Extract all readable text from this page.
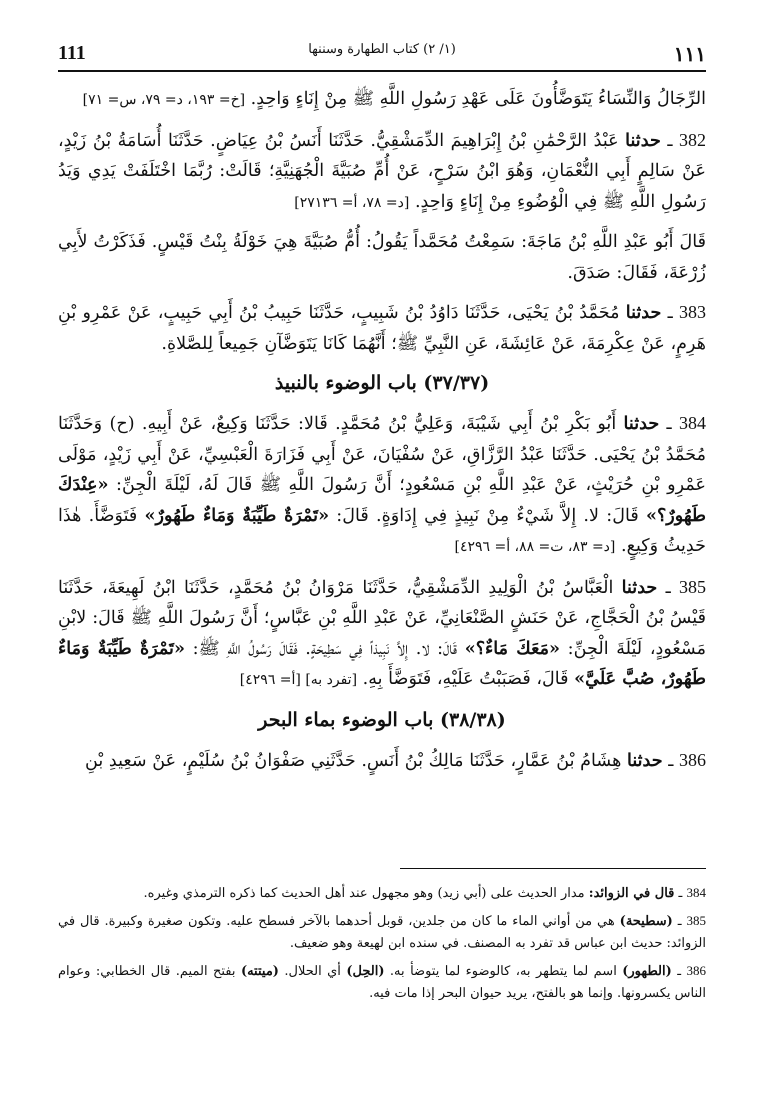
111	(١/ ٢) كتاب الطهارة وسننها	١١١

الرِّجَالُ وَالنِّسَاءُ يَتَوَضَّأُونَ عَلَى عَهْدِ رَسُولِ اللَّهِ ﷺ مِنْ إِنَاءٍ وَاحِدٍ. [خ= ١٩٣، د= ٧٩، س= ٧١]

382 ـ حدثنا عَبْدُ الرَّحْمَٰنِ بْنُ إِبْرَاهِيمَ الدِّمَشْقِيُّ. حَدَّثَنَا أَنَسُ بْنُ عِيَاضٍ. حَدَّثَنَا أُسَامَةُ بْنُ زَيْدٍ، عَنْ سَالِمٍ أَبِي النُّعْمَانِ، وَهُوَ ابْنُ سَرْحٍ، عَنْ أُمِّ صُبَيَّةَ الْجُهَنِيَّةِ؛ قَالَتْ: رُبَّمَا اخْتَلَفَتْ يَدِي وَيَدُ رَسُولِ اللَّهِ ﷺ فِي الْوُضُوءِ مِنْ إِنَاءٍ وَاحِدٍ. [د= ٧٨، أ= ٢٧١٣٦]

قَالَ أَبُو عَبْدِ اللَّهِ بْنُ مَاجَةَ: سَمِعْتُ مُحَمَّداً يَقُولُ: أُمُّ صُبَيَّةَ هِيَ خَوْلَةُ بِنْتُ قَيْسٍ. فَذَكَرْتُ لأَبِي زُرْعَةَ، فَقَالَ: صَدَقَ.

383 ـ حدثنا مُحَمَّدُ بْنُ يَحْيَى، حَدَّثَنَا دَاوُدُ بْنُ شَبِيبٍ، حَدَّثَنَا حَبِيبُ بْنُ أَبِي حَبِيبٍ، عَنْ عَمْرِو بْنِ هَرِمٍ، عَنْ عِكْرِمَةَ، عَنْ عَائِشَةَ، عَنِ النَّبِيِّ ﷺ؛ أَنَّهُمَا كَانَا يَتَوَضَّآنِ جَمِيعاً لِلصَّلاةِ.

(٣٧/٣٧) باب الوضوء بالنبيذ

384 ـ حدثنا أَبُو بَكْرِ بْنُ أَبِي شَيْبَةَ، وَعَلِيُّ بْنُ مُحَمَّدٍ. قَالا: حَدَّثَنَا وَكِيعٌ، عَنْ أَبِيهِ. (ح) وَحَدَّثَنَا مُحَمَّدُ بْنُ يَحْيَى. حَدَّثَنَا عَبْدُ الرَّزَّاقِ، عَنْ سُفْيَانَ، عَنْ أَبِي فَزَارَةَ الْعَبْسِيِّ، عَنْ أَبِي زَيْدٍ، مَوْلَى عَمْرِو بْنِ حُرَيْثٍ، عَنْ عَبْدِ اللَّهِ بْنِ مَسْعُودٍ؛ أَنَّ رَسُولَ اللَّهِ ﷺ قَالَ لَهُ، لَيْلَةَ الْجِنِّ: «عِنْدَكَ طَهُورٌ؟» قَالَ: لا. إِلاَّ شَيْءٌ مِنْ نَبِيذٍ فِي إِدَاوَةٍ. قَالَ: «تَمْرَةٌ طَيِّبَةٌ وَمَاءٌ طَهُورٌ» فَتَوَضَّأَ. هٰذَا حَدِيثُ وَكِيعٍ. [د= ٨٣، ت= ٨٨، أ= ٤٢٩٦]

385 ـ حدثنا الْعَبَّاسُ بْنُ الْوَلِيدِ الدِّمَشْقِيُّ، حَدَّثَنَا مَرْوَانُ بْنُ مُحَمَّدٍ، حَدَّثَنَا ابْنُ لَهِيعَةَ، حَدَّثَنَا قَيْسُ بْنُ الْحَجَّاجِ، عَنْ حَنَشٍ الصَّنْعَانِيِّ، عَنْ عَبْدِ اللَّهِ بْنِ عَبَّاسٍ؛ أَنَّ رَسُولَ اللَّهِ ﷺ قَالَ: لابْنِ مَسْعُودٍ، لَيْلَةَ الْجِنِّ: «مَعَكَ مَاءٌ؟» قَالَ: لا. إِلاَّ نَبِيذاً فِي سَطِيحَةٍ. فَقَالَ رَسُولُ اللَّهِ ﷺ: «تَمْرَةٌ طَيِّبَةٌ وَمَاءٌ طَهُورٌ، صُبَّ عَلَيَّ» قَالَ، فَصَبَبْتُ عَلَيْهِ، فَتَوَضَّأَ بِهِ. [تفرد به] [أ= ٤٢٩٦]

(٣٨/٣٨) باب الوضوء بماء البحر

386 ـ حدثنا هِشَامُ بْنُ عَمَّارٍ، حَدَّثَنَا مَالِكُ بْنُ أَنَسٍ. حَدَّثَنِي صَفْوَانُ بْنُ سُلَيْمٍ، عَنْ سَعِيدِ بْنِ

384 ـ قال في الزوائد: مدار الحديث على (أبي زيد) وهو مجهول عند أهل الحديث كما ذكره الترمذي وغيره.

385 ـ (سطيحة) هي من أواني الماء ما كان من جلدين، قوبل أحدهما بالآخر فسطح عليه. وتكون صغيرة وكبيرة. قال في الزوائد: حديث ابن عباس قد تفرد به المصنف. في سنده ابن لهيعة وهو ضعيف.

386 ـ (الطهور) اسم لما يتطهر به، كالوضوء لما يتوضأ به. (الحِل) أي الحلال. (ميتته) بفتح الميم. قال الخطابي: وعوام الناس يكسرونها. وإنما هو بالفتح، يريد حيوان البحر إذا مات فيه.
